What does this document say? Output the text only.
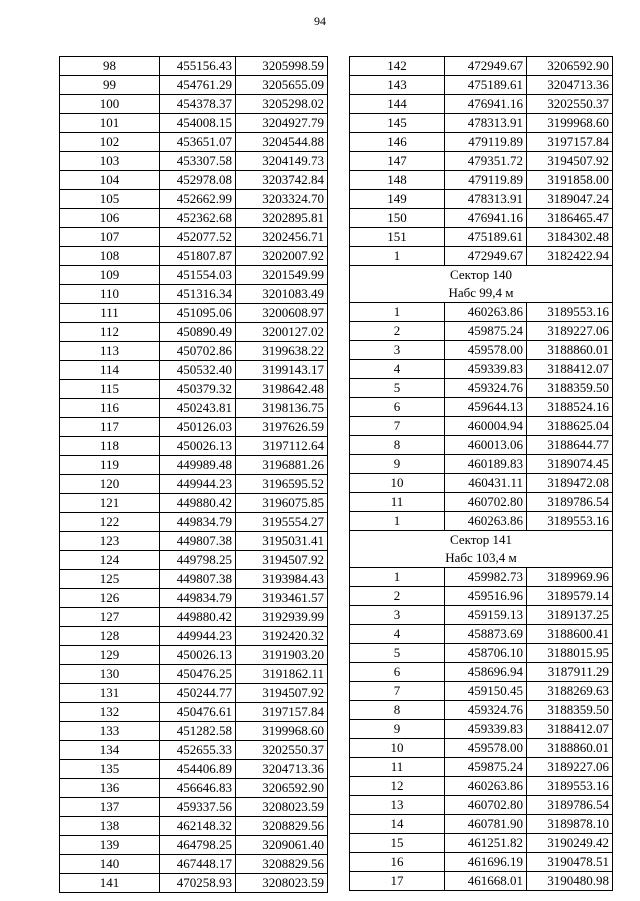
94
98	455156.43	3205998.59
99	454761.29	3205655.09
100	454378.37	3205298.02
101	454008.15	3204927.79
102	453651.07	3204544.88
103	453307.58	3204149.73
104	452978.08	3203742.84
105	452662.99	3203324.70
106	452362.68	3202895.81
107	452077.52	3202456.71
108	451807.87	3202007.92
109	451554.03	3201549.99
110	451316.34	3201083.49
111	451095.06	3200608.97
112	450890.49	3200127.02
113	450702.86	3199638.22
114	450532.40	3199143.17
115	450379.32	3198642.48
116	450243.81	3198136.75
117	450126.03	3197626.59
118	450026.13	3197112.64
119	449989.48	3196881.26
120	449944.23	3196595.52
121	449880.42	3196075.85
122	449834.79	3195554.27
123	449807.38	3195031.41
124	449798.25	3194507.92
125	449807.38	3193984.43
126	449834.79	3193461.57
127	449880.42	3192939.99
128	449944.23	3192420.32
129	450026.13	3191903.20
130	450476.25	3191862.11
131	450244.77	3194507.92
132	450476.61	3197157.84
133	451282.58	3199968.60
134	452655.33	3202550.37
135	454406.89	3204713.36
136	456646.83	3206592.90
137	459337.56	3208023.59
138	462148.32	3208829.56
139	464798.25	3209061.40
140	467448.17	3208829.56
141	470258.93	3208023.59
142	472949.67	3206592.90
143	475189.61	3204713.36
144	476941.16	3202550.37
145	478313.91	3199968.60
146	479119.89	3197157.84
147	479351.72	3194507.92
148	479119.89	3191858.00
149	478313.91	3189047.24
150	476941.16	3186465.47
151	475189.61	3184302.48
1	472949.67	3182422.94

Сектор 140
Набс 99,4 м		

1	460263.86	3189553.16
2	459875.24	3189227.06
3	459578.00	3188860.01
4	459339.83	3188412.07
5	459324.76	3188359.50
6	459644.13	3188524.16
7	460004.94	3188625.04
8	460013.06	3188644.77
9	460189.83	3189074.45
10	460431.11	3189472.08
11	460702.80	3189786.54
1	460263.86	3189553.16

Сектор 141
Набс 103,4 м		

1	459982.73	3189969.96
2	459516.96	3189579.14
3	459159.13	3189137.25
4	458873.69	3188600.41
5	458706.10	3188015.95
6	458696.94	3187911.29
7	459150.45	3188269.63
8	459324.76	3188359.50
9	459339.83	3188412.07
10	459578.00	3188860.01
11	459875.24	3189227.06
12	460263.86	3189553.16
13	460702.80	3189786.54
14	460781.90	3189878.10
15	461251.82	3190249.42
16	461696.19	3190478.51
17	461668.01	3190480.98
